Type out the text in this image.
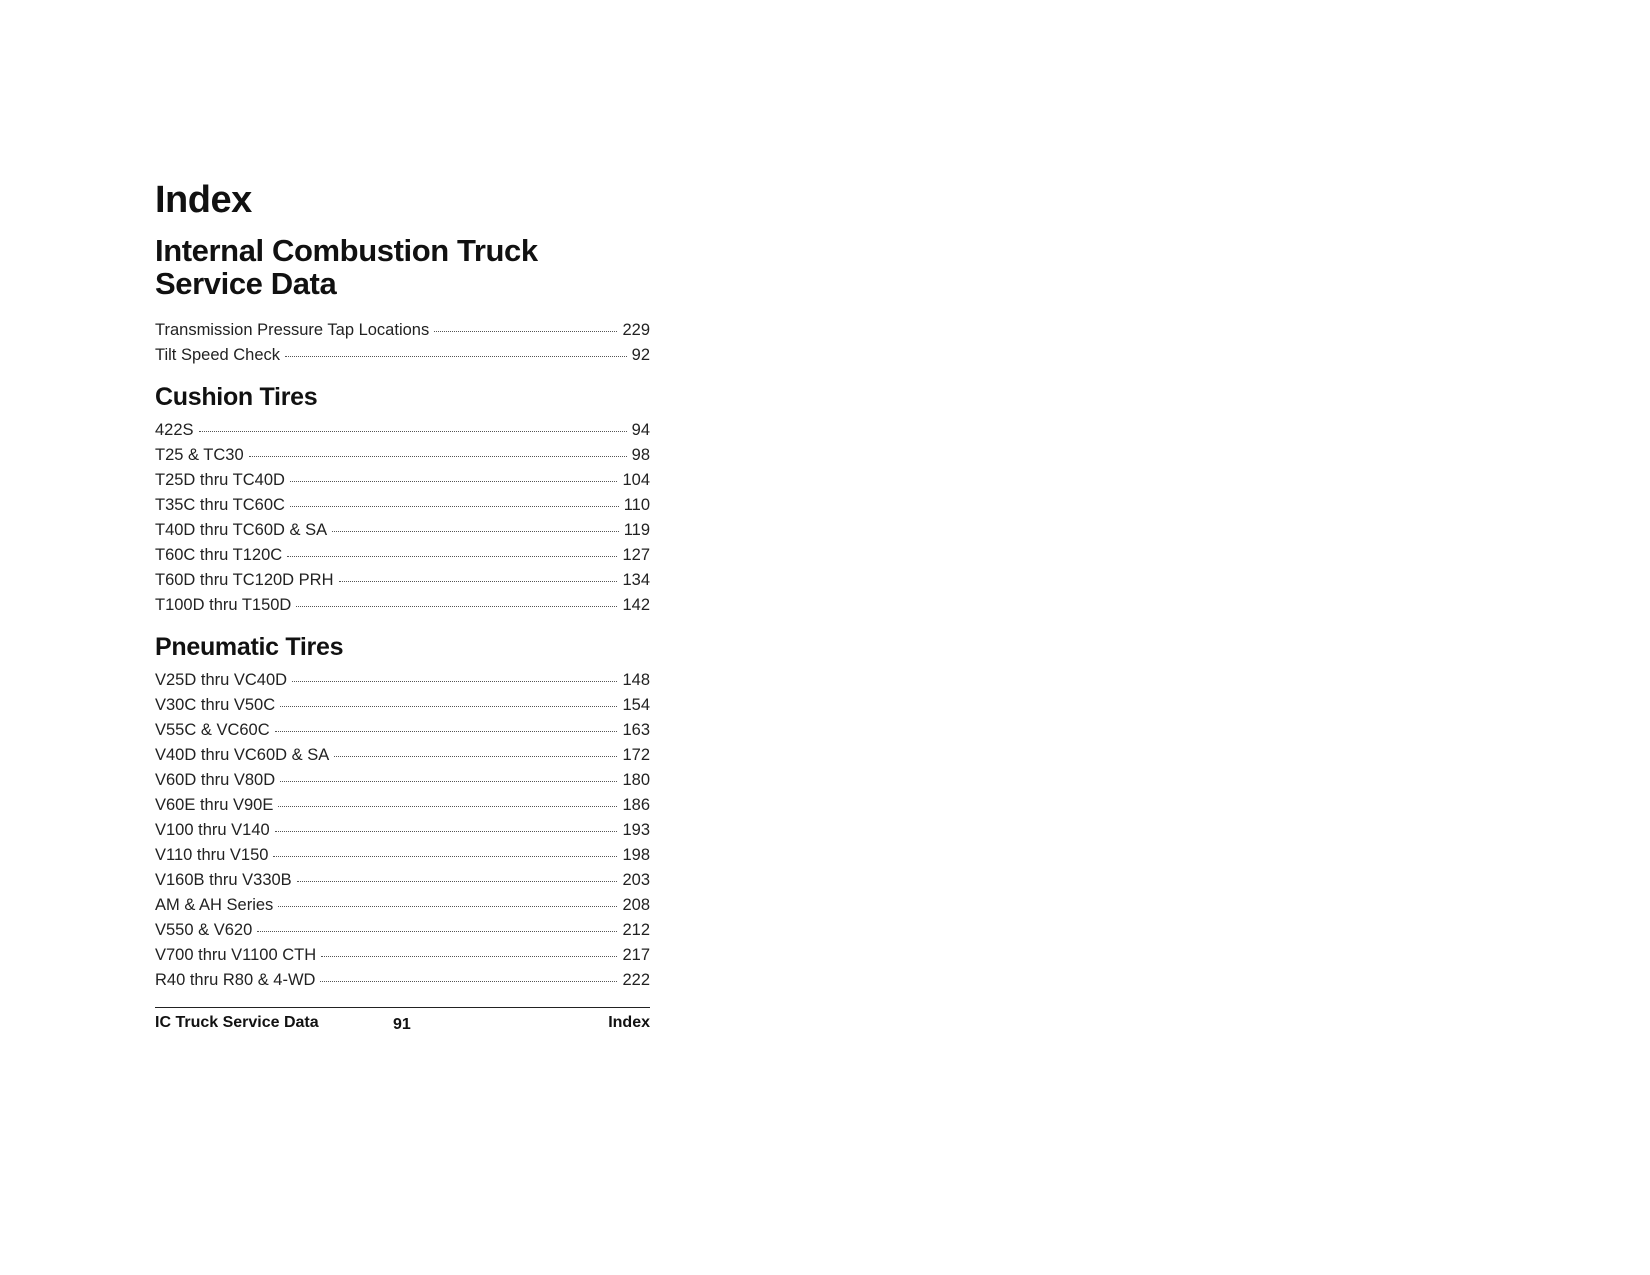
Index
Internal Combustion Truck
Service Data
Transmission Pressure Tap Locations	229
Tilt Speed Check	92
Cushion Tires
422S	94
T25 & TC30	98
T25D thru TC40D	104
T35C thru TC60C	110
T40D thru TC60D & SA	119
T60C thru T120C	127
T60D thru TC120D PRH	134
T100D thru T150D	142
Pneumatic Tires
V25D thru VC40D	148
V30C thru V50C	154
V55C & VC60C	163
V40D thru VC60D & SA	172
V60D thru V80D	180
V60E thru V90E	186
V100 thru V140	193
V110 thru V150	198
V160B thru V330B	203
AM & AH Series	208
V550 & V620	212
V700 thru V1100 CTH	217
R40 thru R80 & 4-WD	222
IC Truck Service Data	91	Index
